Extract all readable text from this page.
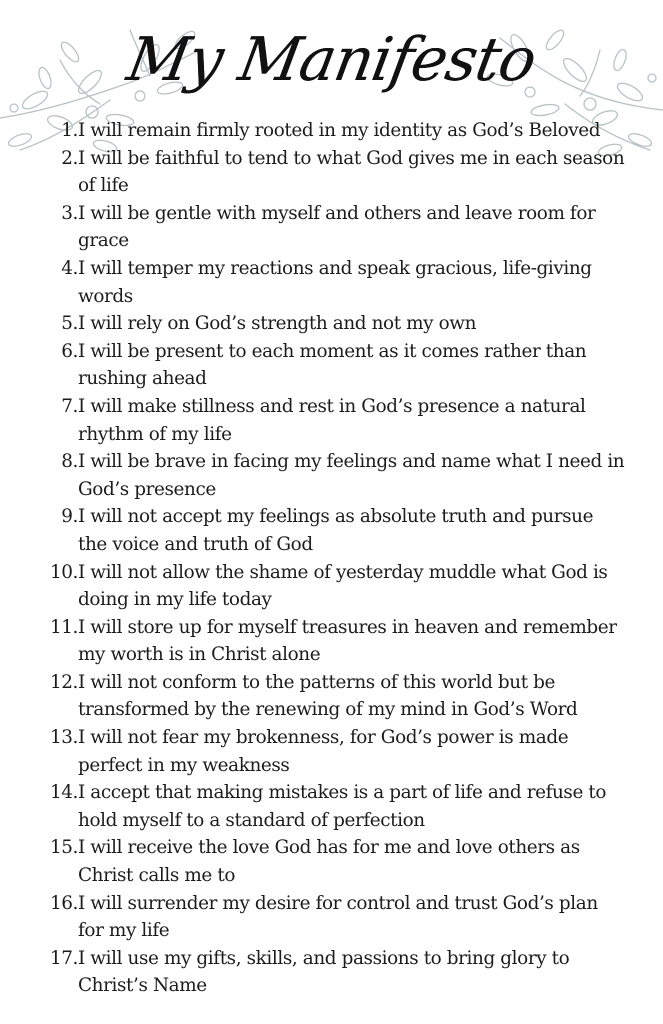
My Manifesto
1. I will remain firmly rooted in my identity as God’s Beloved
2. I will be faithful to tend to what God gives me in each season of life
3. I will be gentle with myself and others and leave room for grace
4. I will temper my reactions and speak gracious, life-giving words
5. I will rely on God’s strength and not my own
6. I will be present to each moment as it comes rather than rushing ahead
7. I will make stillness and rest in God’s presence a natural rhythm of my life
8. I will be brave in facing my feelings and name what I need in God’s presence
9. I will not accept my feelings as absolute truth and pursue the voice and truth of God
10. I will not allow the shame of yesterday muddle what God is doing in my life today
11. I will store up for myself treasures in heaven and remember my worth is in Christ alone
12. I will not conform to the patterns of this world but be transformed by the renewing of my mind in God’s Word
13. I will not fear my brokenness, for God’s power is made perfect in my weakness
14. I accept that making mistakes is a part of life and refuse to hold myself to a standard of perfection
15. I will receive the love God has for me and love others as Christ calls me to
16. I will surrender my desire for control and trust God’s plan for my life
17. I will use my gifts, skills, and passions to bring glory to Christ’s Name
